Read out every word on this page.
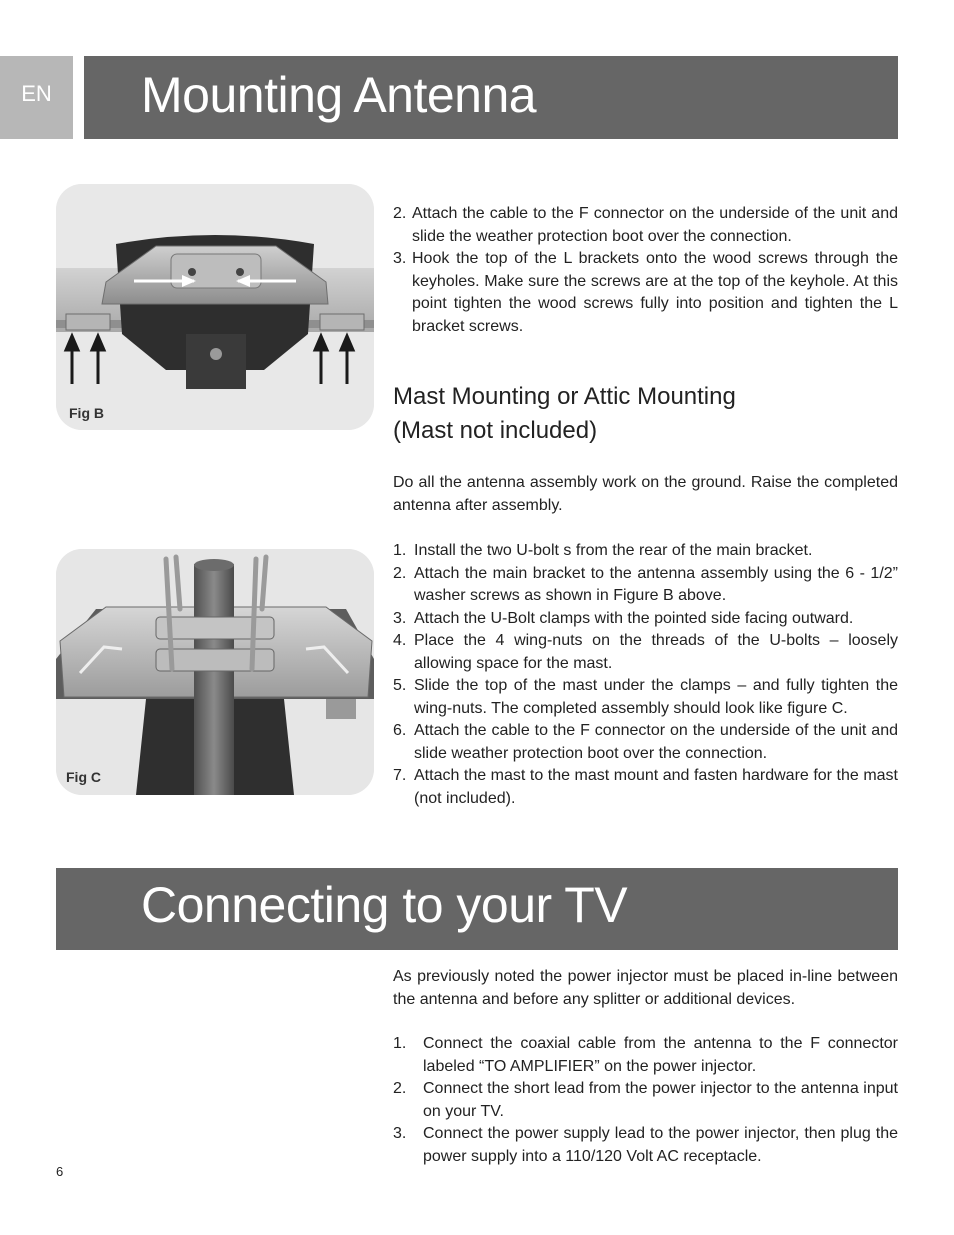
EN	Mounting Antenna
Fig B
Fig C
2. Attach the cable to the F connector on the underside of the unit and slide the weather protection boot over the connection.
3. Hook the top of the L brackets onto the wood screws through the keyholes. Make sure the screws are at the top of the keyhole. At this point tighten the wood screws fully into position and tighten the L bracket screws.
Mast Mounting or Attic Mounting
(Mast not included)
Do all the antenna assembly work on the ground. Raise the completed antenna after assembly.
1. Install the two U-bolt s from the rear of the main bracket.
2. Attach the main bracket to the antenna assembly using the 6 - 1/2” washer screws as shown in Figure B above.
3. Attach the U-Bolt clamps with the pointed side facing outward.
4. Place the 4 wing-nuts on the threads of the U-bolts – loosely allowing space for the mast.
5. Slide the top of the mast under the clamps – and fully tighten the wing-nuts. The completed assembly should look like figure C.
6. Attach the cable to the F connector on the underside of the unit and slide weather protection boot over the connection.
7. Attach the mast to the mast mount and fasten hardware for the mast (not included).
Connecting to your TV
As previously noted the power injector must be placed in-line between the antenna and before any splitter or additional devices.
1.	Connect the coaxial cable from the antenna to the F connector labeled “TO AMPLIFIER” on the power injector.
2.	Connect the short lead from the power injector to the antenna input on your TV.
3.	Connect the power supply lead to the power injector, then plug the power supply into a 110/120 Volt AC receptacle.
6
